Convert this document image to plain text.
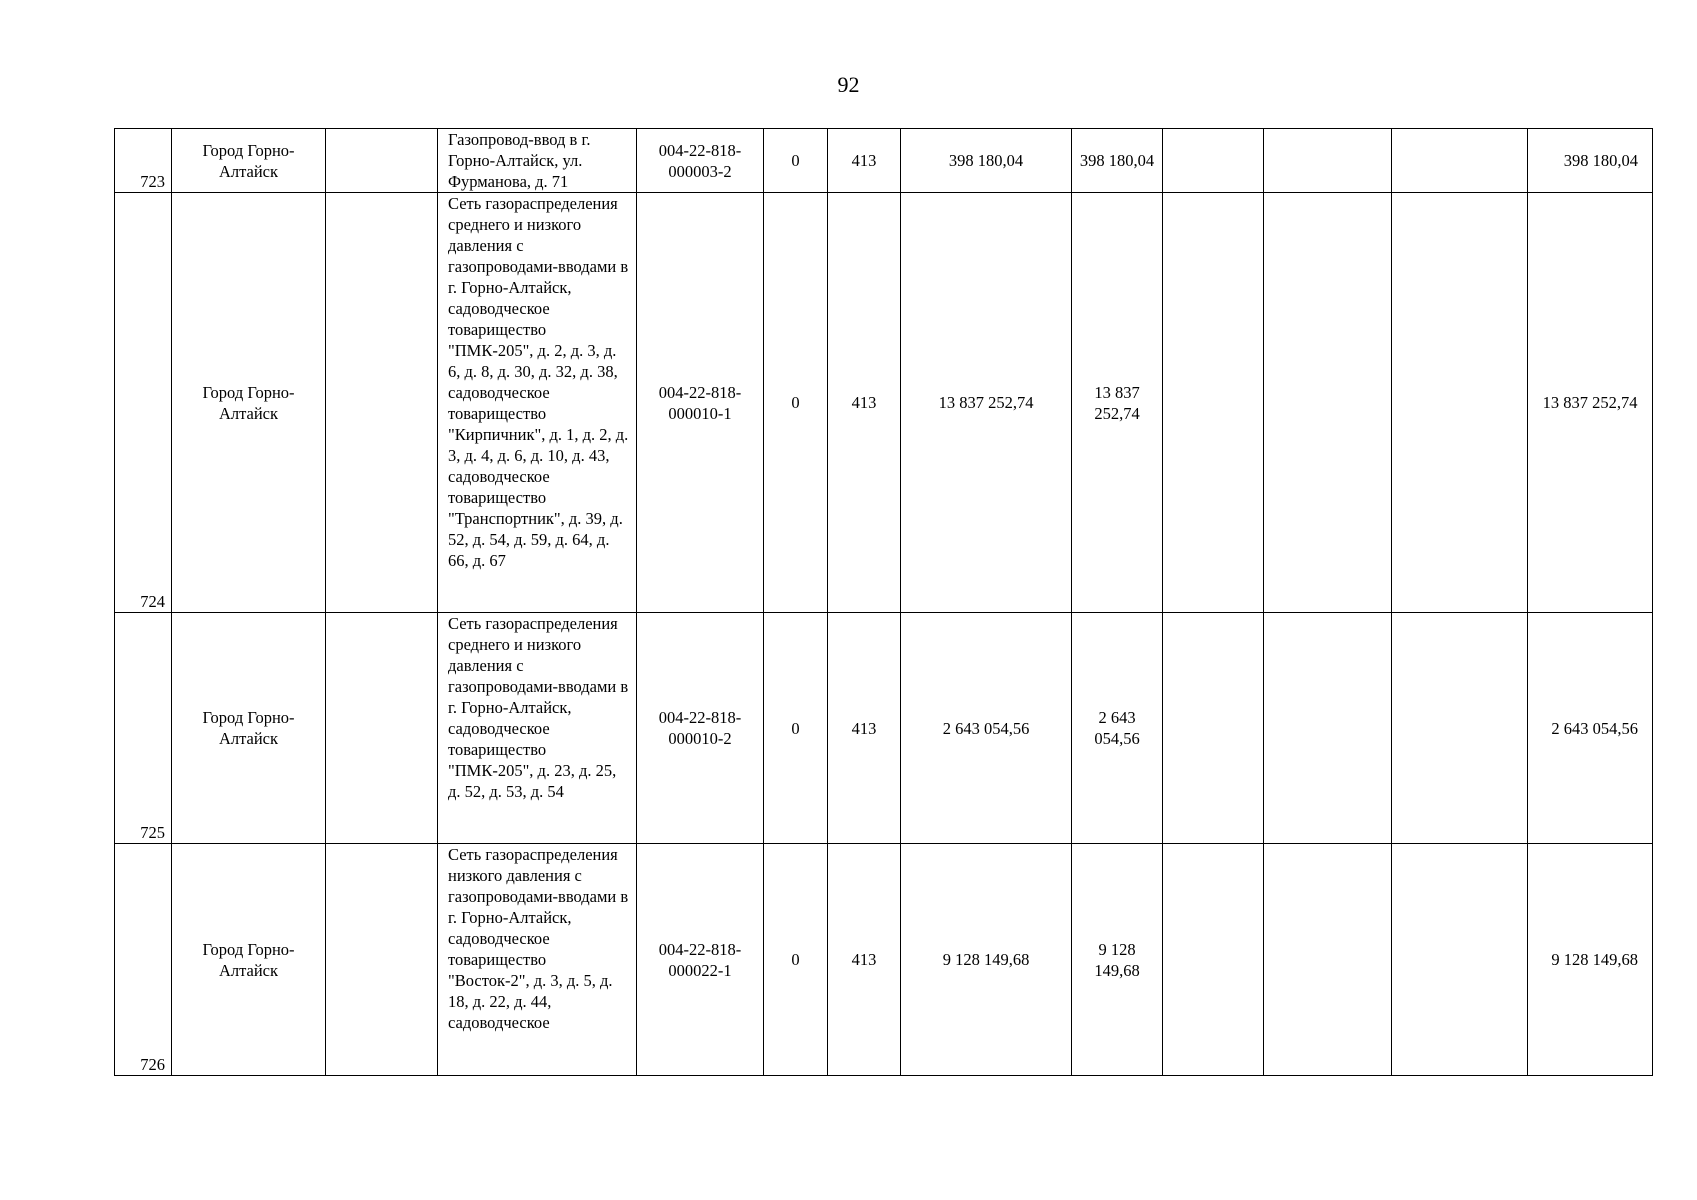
92
723	Город Горно-Алтайск		Газопровод-ввод в г. Горно-Алтайск, ул. Фурманова, д. 71	004-22-818-000003-2	0	413	398 180,04	398 180,04				398 180,04
724	Город Горно-Алтайск		Сеть газораспределения среднего и низкого давления с газопроводами-вводами в г. Горно-Алтайск, садоводческое товарищество "ПМК-205", д. 2, д. 3, д. 6, д. 8, д. 30, д. 32, д. 38, садоводческое товарищество "Кирпичник", д. 1, д. 2, д. 3, д. 4, д. 6, д. 10, д. 43, садоводческое товарищество "Транспортник", д. 39, д. 52, д. 54, д. 59, д. 64, д. 66, д. 67	004-22-818-000010-1	0	413	13 837 252,74	13 837 252,74				13 837 252,74
725	Город Горно-Алтайск		Сеть газораспределения среднего и низкого давления с газопроводами-вводами в г. Горно-Алтайск, садоводческое товарищество "ПМК-205", д. 23, д. 25, д. 52, д. 53, д. 54	004-22-818-000010-2	0	413	2 643 054,56	2 643 054,56				2 643 054,56
726	Город Горно-Алтайск		Сеть газораспределения низкого давления с газопроводами-вводами в г. Горно-Алтайск, садоводческое товарищество "Восток-2", д. 3, д. 5, д. 18, д. 22, д. 44, садоводческое	004-22-818-000022-1	0	413	9 128 149,68	9 128 149,68				9 128 149,68
